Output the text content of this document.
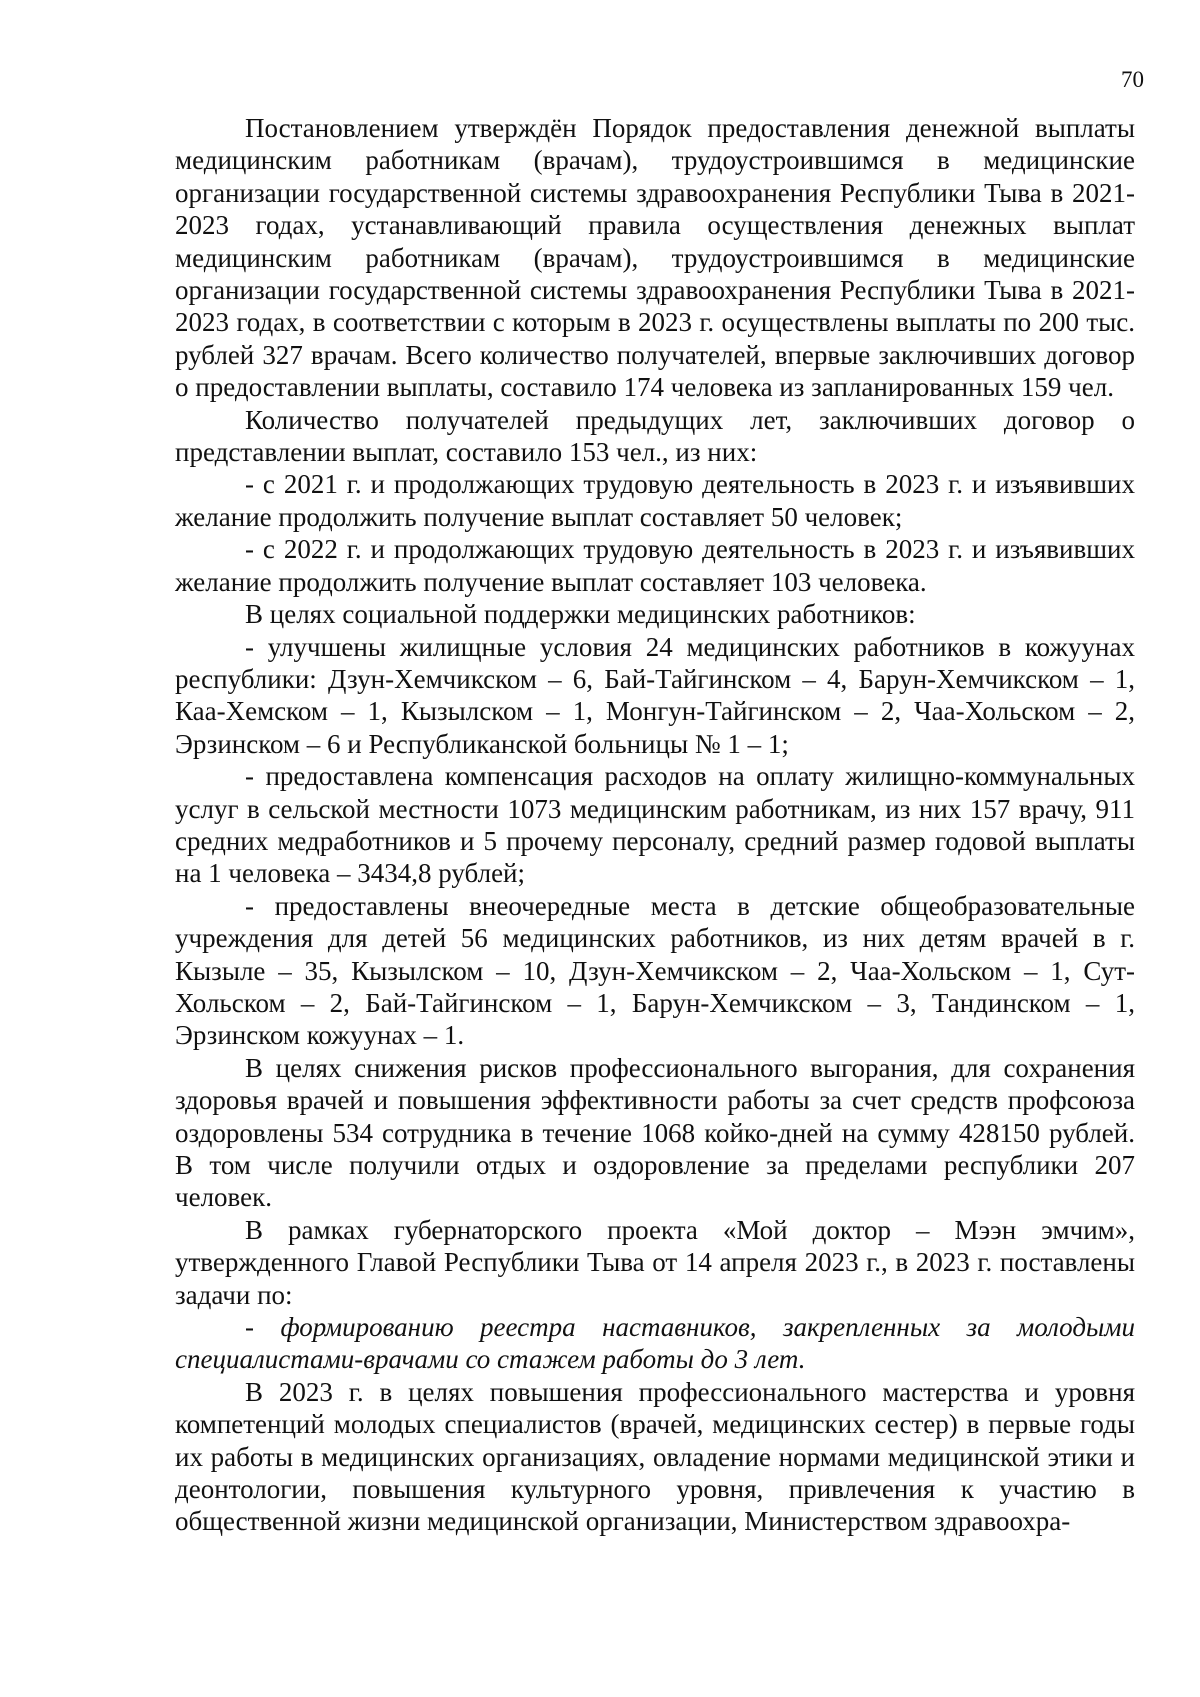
70

Постановлением утверждён Порядок предоставления денежной выплаты медицинским работникам (врачам), трудоустроившимся в медицинские организации государственной системы здравоохранения Республики Тыва в 2021-2023 годах, устанавливающий правила осуществления денежных выплат медицинским работникам (врачам), трудоустроившимся в медицинские организации государственной системы здравоохранения Республики Тыва в 2021-2023 годах, в соответствии с которым в 2023 г. осуществлены выплаты по 200 тыс. рублей 327 врачам. Всего количество получателей, впервые заключивших договор о предоставлении выплаты, составило 174 человека из запланированных 159 чел.

Количество получателей предыдущих лет, заключивших договор о представлении выплат, составило 153 чел., из них:

- с 2021 г. и продолжающих трудовую деятельность в 2023 г. и изъявивших желание продолжить получение выплат составляет 50 человек;

- с 2022 г. и продолжающих трудовую деятельность в 2023 г. и изъявивших желание продолжить получение выплат составляет 103 человека.

В целях социальной поддержки медицинских работников:

- улучшены жилищные условия 24 медицинских работников в кожуунах республики: Дзун-Хемчикском – 6, Бай-Тайгинском – 4, Барун-Хемчикском – 1, Каа-Хемском – 1, Кызылском – 1, Монгун-Тайгинском – 2, Чаа-Хольском – 2, Эрзинском – 6 и Республиканской больницы № 1 – 1;

- предоставлена компенсация расходов на оплату жилищно-коммунальных услуг в сельской местности 1073 медицинским работникам, из них 157 врачу, 911 средних медработников и 5 прочему персоналу, средний размер годовой выплаты на 1 человека – 3434,8 рублей;

- предоставлены внеочередные места в детские общеобразовательные учреждения для детей 56 медицинских работников, из них детям врачей в г. Кызыле – 35, Кызылском – 10, Дзун-Хемчикском – 2, Чаа-Хольском – 1, Сут-Хольском – 2, Бай-Тайгинском – 1, Барун-Хемчикском – 3, Тандинском – 1, Эрзинском кожуунах – 1.

В целях снижения рисков профессионального выгорания, для сохранения здоровья врачей и повышения эффективности работы за счет средств профсоюза оздоровлены 534 сотрудника в течение 1068 койко-дней на сумму 428150 рублей. В том числе получили отдых и оздоровление за пределами республики 207 человек.

В рамках губернаторского проекта «Мой доктор – Мээн эмчим», утвержденного Главой Республики Тыва от 14 апреля 2023 г., в 2023 г. поставлены задачи по:

- формированию реестра наставников, закрепленных за молодыми специалистами-врачами со стажем работы до 3 лет.

В 2023 г. в целях повышения профессионального мастерства и уровня компетенций молодых специалистов (врачей, медицинских сестер) в первые годы их работы в медицинских организациях, овладение нормами медицинской этики и деонтологии, повышения культурного уровня, привлечения к участию в общественной жизни медицинской организации, Министерством здравоохра-
